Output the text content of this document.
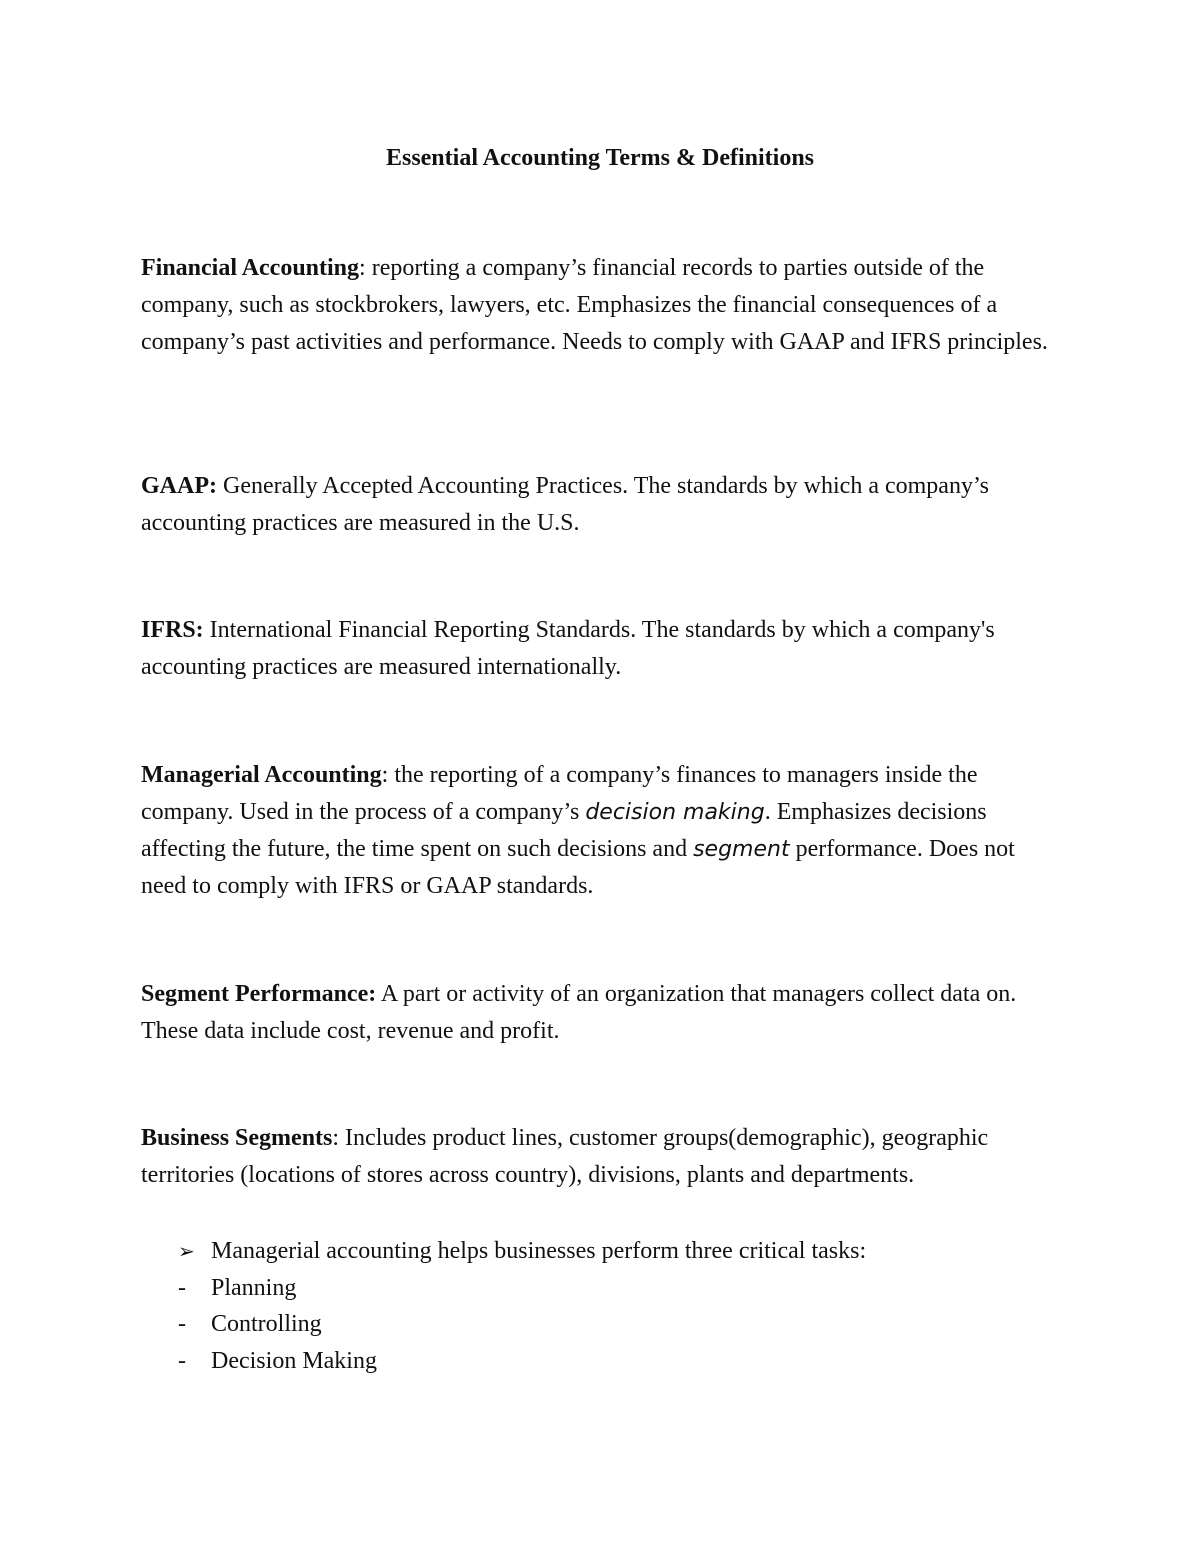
Essential Accounting Terms & Definitions
Financial Accounting: reporting a company’s financial records to parties outside of the company, such as stockbrokers, lawyers, etc. Emphasizes the financial consequences of a company’s past activities and performance. Needs to comply with GAAP and IFRS principles.
GAAP: Generally Accepted Accounting Practices. The standards by which a company’s accounting practices are measured in the U.S.
IFRS: International Financial Reporting Standards. The standards by which a company's accounting practices are measured internationally.
Managerial Accounting: the reporting of a company’s finances to managers inside the company. Used in the process of a company’s decision making. Emphasizes decisions affecting the future, the time spent on such decisions and segment performance. Does not need to comply with IFRS or GAAP standards.
Segment Performance: A part or activity of an organization that managers collect data on. These data include cost, revenue and profit.
Business Segments: Includes product lines, customer groups(demographic), geographic territories (locations of stores across country), divisions, plants and departments.
➢ Managerial accounting helps businesses perform three critical tasks:
-	Planning
-	Controlling
-	Decision Making
